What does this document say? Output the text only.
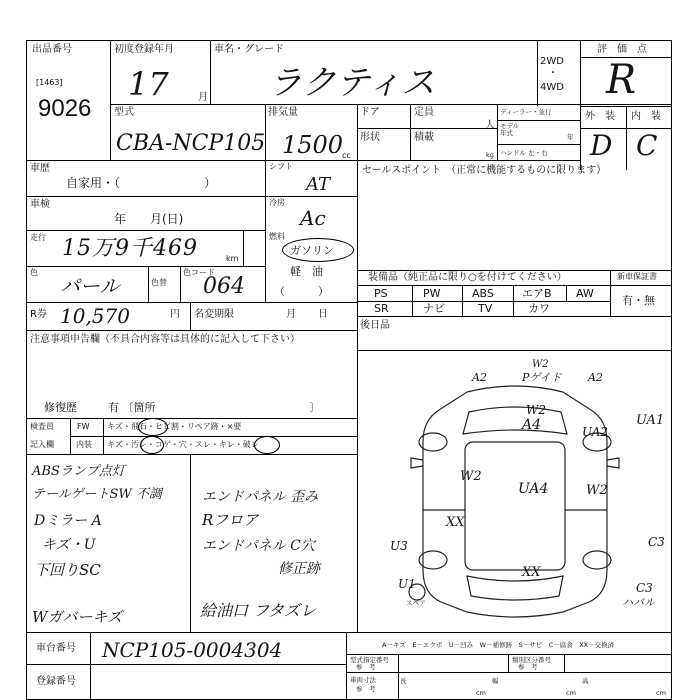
出品番号
[1463]
9026
初度登録年月
17	月
車名・グレード
ラクティス
2WD
・
4WD
評　価　点
R
型式
CBA-NCP105
排気量
1500
cc
ドア	定員
人
形状	積載
kg
ディーラー・並行
モデル
年式
年
ハンドル 左・右
外　装 内　装
D C
車歴
自家用・（　　　　　　　）
シフト
AT
車検
年　　月(日)
冷房
Ac
走行 15万9千469	km
燃料
ガソリン
軽　油
（　　　）
色
パール	色替
色コード
064
R券 10,570	円 名変期限	月 日
セールスポイント　（正常に機能するものに限ります）
装備品（純正品に限り○を付けてください）	新車保証書
有・無
PS	PW	ABS	エアB AW
SR	ナビ	TV	カワ
後日品
注意事項申告欄（不具合内容等は具体的に記入して下さい）
修復歴	有 〔箇所　　　　　　　　　　　　　　〕
検査員
記入欄
FW キズ・飛石・ヒビ割・リペア跡・×要
内装 キズ・汚レ・コゲ・穴・スレ・キレ・破レ
ABSランプ点灯
テールゲートSW 不調
Dミラー A
キズ・U
下回りSC
Wガバーキズ
エンドパネル 歪み
Rフロア
エンドパネル C穴
修正跡
給油口 フタズレ
A2
W2
Pゲイド A2
W2
A4	UA1
UA2
W2
UA4	W2
XX
U3
XX
C3
U1	C3
ハバル
スペア
車台番号 NCP105-0004304
登録番号
A－キズ　E－エクボ　U－凹み　W－補修跡　S－サビ　C－腐食　XX－交換済
型式指定番号
参　考
類別区分番号
参　考
車両寸法
参　考
長
cm
幅
cm
高
cm
